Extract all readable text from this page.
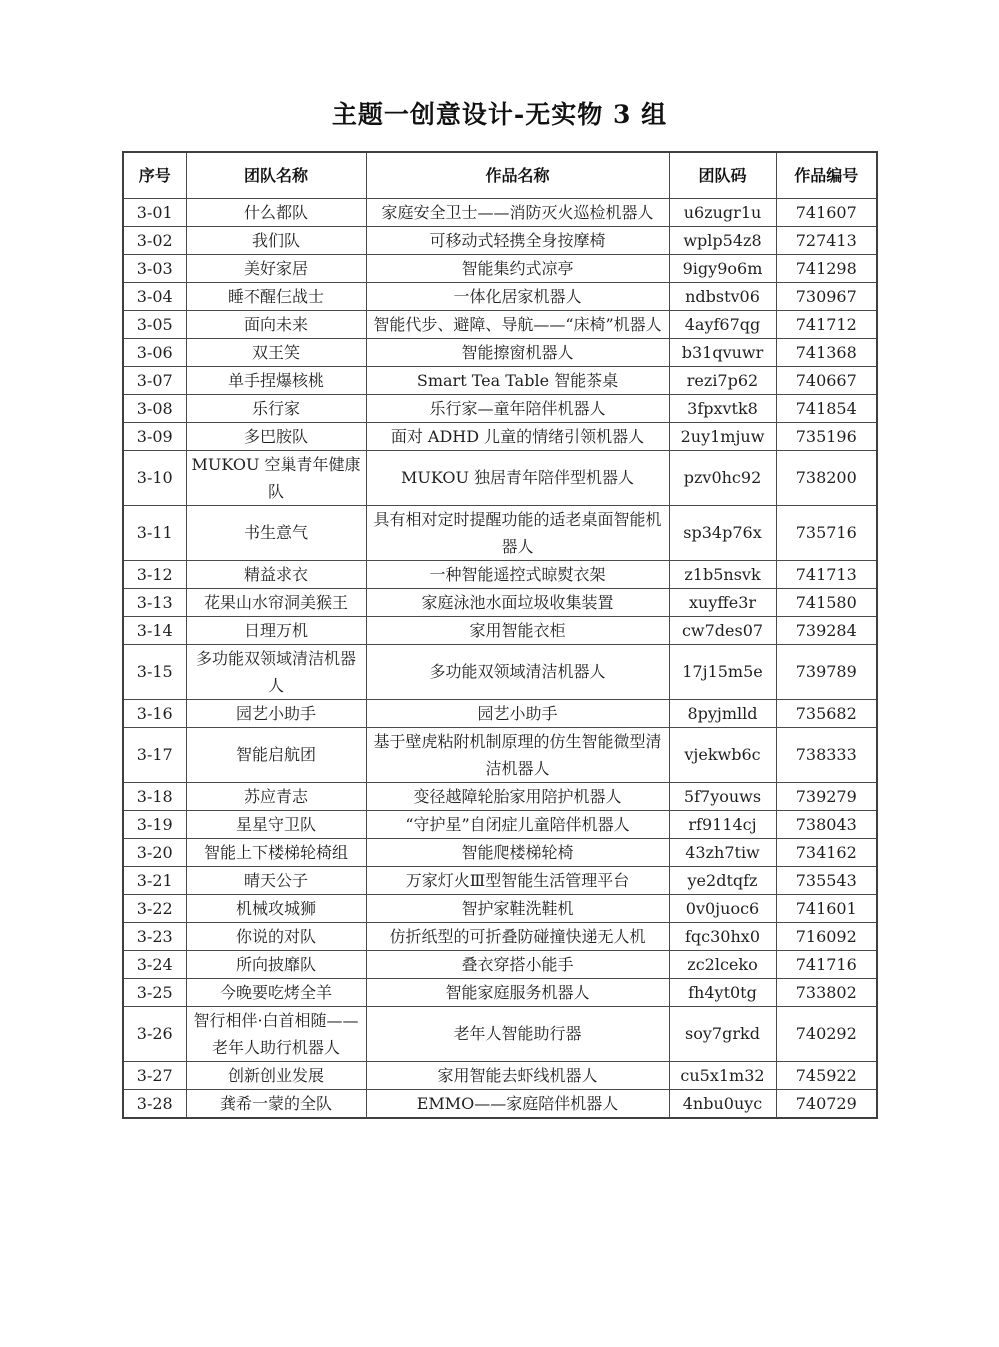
主题一创意设计-无实物 3 组
序号	团队名称	作品名称	团队码	作品编号
3-01	什么都队	家庭安全卫士——消防灭火巡检机器人	u6zugr1u	741607
3-02	我们队	可移动式轻携全身按摩椅	wplp54z8	727413
3-03	美好家居	智能集约式凉亭	9igy9o6m	741298
3-04	睡不醒仨战士	一体化居家机器人	ndbstv06	730967
3-05	面向未来	智能代步、避障、导航——“床椅”机器人	4ayf67qg	741712
3-06	双王笑	智能擦窗机器人	b31qvuwr	741368
3-07	单手捏爆核桃	Smart Tea Table 智能茶桌	rezi7p62	740667
3-08	乐行家	乐行家—童年陪伴机器人	3fpxvtk8	741854
3-09	多巴胺队	面对 ADHD 儿童的情绪引领机器人	2uy1mjuw	735196
3-10	MUKOU 空巢青年健康队	MUKOU 独居青年陪伴型机器人	pzv0hc92	738200
3-11	书生意气	具有相对定时提醒功能的适老桌面智能机器人	sp34p76x	735716
3-12	精益求衣	一种智能遥控式晾熨衣架	z1b5nsvk	741713
3-13	花果山水帘洞美猴王	家庭泳池水面垃圾收集装置	xuyffe3r	741580
3-14	日理万机	家用智能衣柜	cw7des07	739284
3-15	多功能双领域清洁机器人	多功能双领域清洁机器人	17j15m5e	739789
3-16	园艺小助手	园艺小助手	8pyjmlld	735682
3-17	智能启航团	基于壁虎粘附机制原理的仿生智能微型清洁机器人	vjekwb6c	738333
3-18	苏应青志	变径越障轮胎家用陪护机器人	5f7youws	739279
3-19	星星守卫队	“守护星”自闭症儿童陪伴机器人	rf9114cj	738043
3-20	智能上下楼梯轮椅组	智能爬楼梯轮椅	43zh7tiw	734162
3-21	晴天公子	万家灯火Ⅲ型智能生活管理平台	ye2dtqfz	735543
3-22	机械攻城狮	智护家鞋洗鞋机	0v0juoc6	741601
3-23	你说的对队	仿折纸型的可折叠防碰撞快递无人机	fqc30hx0	716092
3-24	所向披靡队	叠衣穿搭小能手	zc2lceko	741716
3-25	今晚要吃烤全羊	智能家庭服务机器人	fh4yt0tg	733802
3-26	智行相伴·白首相随——老年人助行机器人	老年人智能助行器	soy7grkd	740292
3-27	创新创业发展	家用智能去虾线机器人	cu5x1m32	745922
3-28	龚希一蒙的全队	EMMO——家庭陪伴机器人	4nbu0uyc	740729
